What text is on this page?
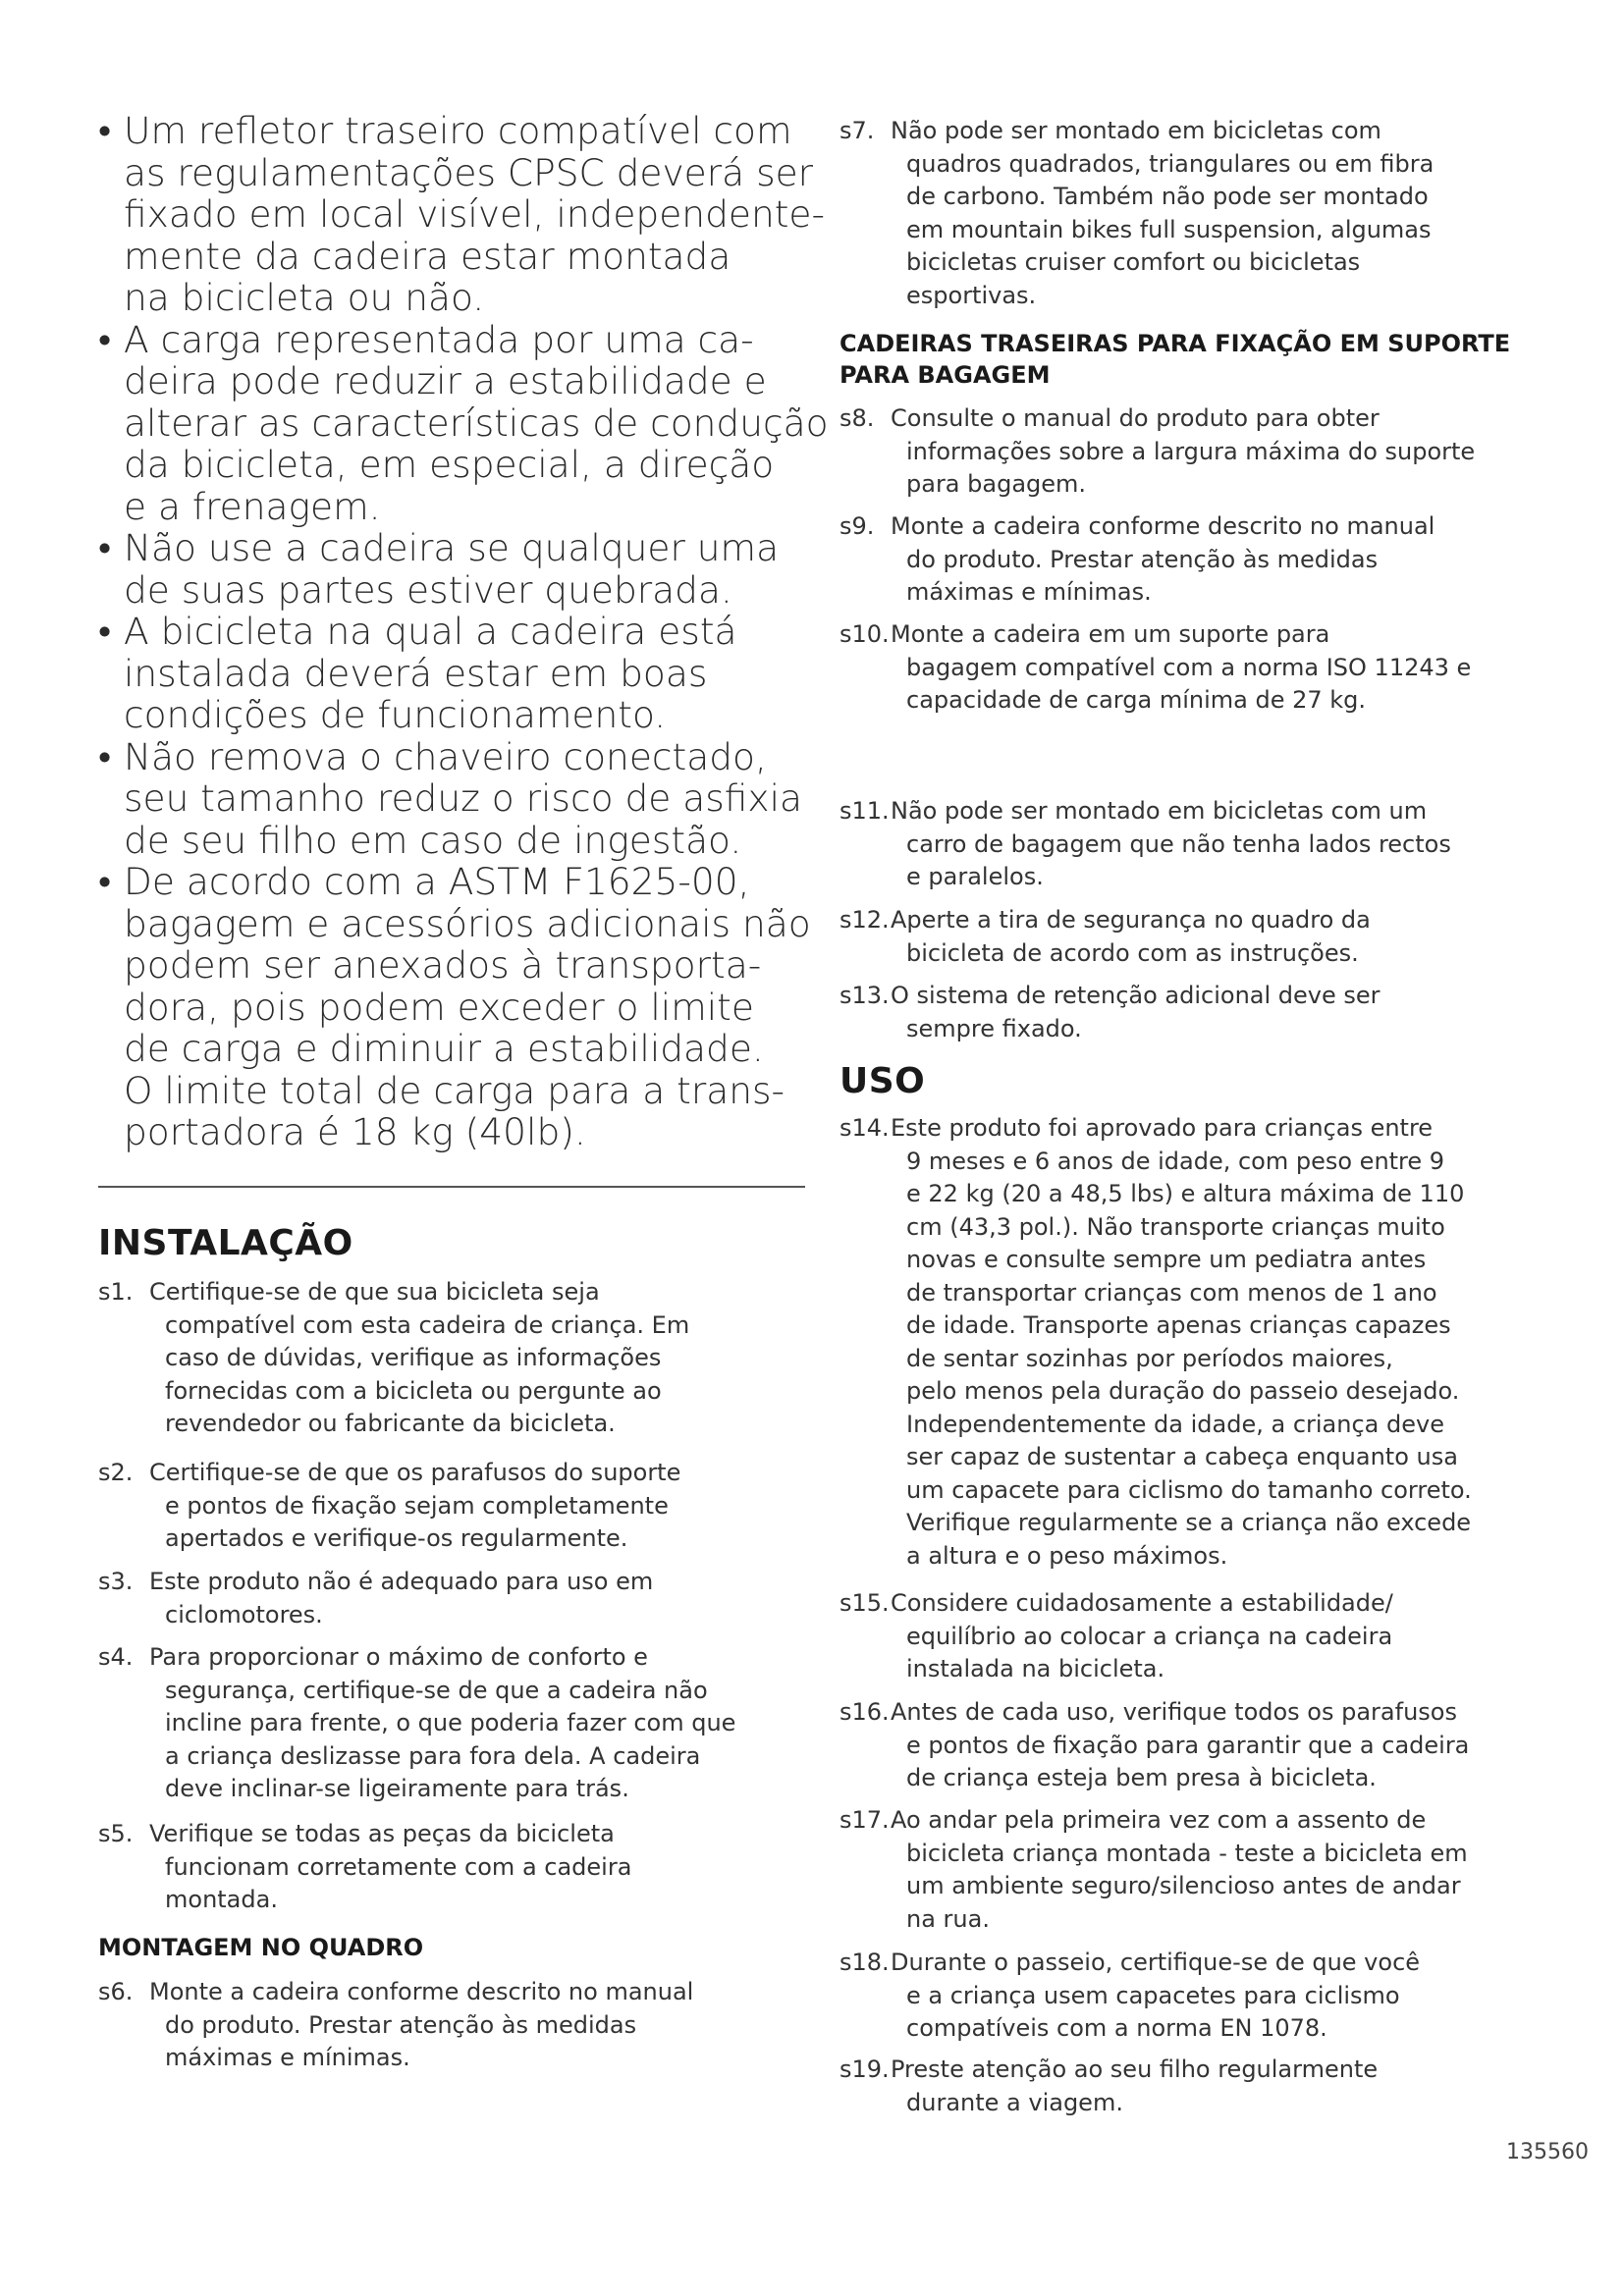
• Um refletor traseiro compatível com
as regulamentações CPSC deverá ser
fixado em local visível, independente-
mente da cadeira estar montada
na bicicleta ou não.
• A carga representada por uma ca-
deira pode reduzir a estabilidade e
alterar as características de condução
da bicicleta, em especial, a direção
e a frenagem.
• Não use a cadeira se qualquer uma
de suas partes estiver quebrada.
• A bicicleta na qual a cadeira está
instalada deverá estar em boas
condições de funcionamento.
• Não remova o chaveiro conectado,
seu tamanho reduz o risco de asfixia
de seu filho em caso de ingestão.
• De acordo com a ASTM F1625-00,
bagagem e acessórios adicionais não
podem ser anexados à transporta-
dora, pois podem exceder o limite
de carga e diminuir a estabilidade.
O limite total de carga para a trans-
portadora é 18 kg (40lb).
INSTALAÇÃO
s1. Certifique-se de que sua bicicleta seja
compatível com esta cadeira de criança. Em
caso de dúvidas, verifique as informações
fornecidas com a bicicleta ou pergunte ao
revendedor ou fabricante da bicicleta.
s2. Certifique-se de que os parafusos do suporte
e pontos de fixação sejam completamente
apertados e verifique-os regularmente.
s3. Este produto não é adequado para uso em
ciclomotores.
s4. Para proporcionar o máximo de conforto e
segurança, certifique-se de que a cadeira não
incline para frente, o que poderia fazer com que
a criança deslizasse para fora dela. A cadeira
deve inclinar-se ligeiramente para trás.
s5. Verifique se todas as peças da bicicleta
funcionam corretamente com a cadeira
montada.
MONTAGEM NO QUADRO
s6. Monte a cadeira conforme descrito no manual
do produto. Prestar atenção às medidas
máximas e mínimas.
s7. Não pode ser montado em bicicletas com
quadros quadrados, triangulares ou em fibra
de carbono. Também não pode ser montado
em mountain bikes full suspension, algumas
bicicletas cruiser comfort ou bicicletas
esportivas.
CADEIRAS TRASEIRAS PARA FIXAÇÃO EM SUPORTE
PARA BAGAGEM
s8. Consulte o manual do produto para obter
informações sobre a largura máxima do suporte
para bagagem.
s9. Monte a cadeira conforme descrito no manual
do produto. Prestar atenção às medidas
máximas e mínimas.
s10.Monte a cadeira em um suporte para
bagagem compatível com a norma ISO 11243 e
capacidade de carga mínima de 27 kg.
s11.Não pode ser montado em bicicletas com um
carro de bagagem que não tenha lados rectos
e paralelos.
s12.Aperte a tira de segurança no quadro da
bicicleta de acordo com as instruções.
s13.O sistema de retenção adicional deve ser
sempre fixado.
USO
s14.Este produto foi aprovado para crianças entre
9 meses e 6 anos de idade, com peso entre 9
e 22 kg (20 a 48,5 lbs) e altura máxima de 110
cm (43,3 pol.). Não transporte crianças muito
novas e consulte sempre um pediatra antes
de transportar crianças com menos de 1 ano
de idade. Transporte apenas crianças capazes
de sentar sozinhas por períodos maiores,
pelo menos pela duração do passeio desejado.
Independentemente da idade, a criança deve
ser capaz de sustentar a cabeça enquanto usa
um capacete para ciclismo do tamanho correto.
Verifique regularmente se a criança não excede
a altura e o peso máximos.
s15.Considere cuidadosamente a estabilidade/
equilíbrio ao colocar a criança na cadeira
instalada na bicicleta.
s16.Antes de cada uso, verifique todos os parafusos
e pontos de fixação para garantir que a cadeira
de criança esteja bem presa à bicicleta.
s17.Ao andar pela primeira vez com a assento de
bicicleta criança montada - teste a bicicleta em
um ambiente seguro/silencioso antes de andar
na rua.
s18.Durante o passeio, certifique-se de que você
e a criança usem capacetes para ciclismo
compatíveis com a norma EN 1078.
s19.Preste atenção ao seu filho regularmente
durante a viagem.
135560
